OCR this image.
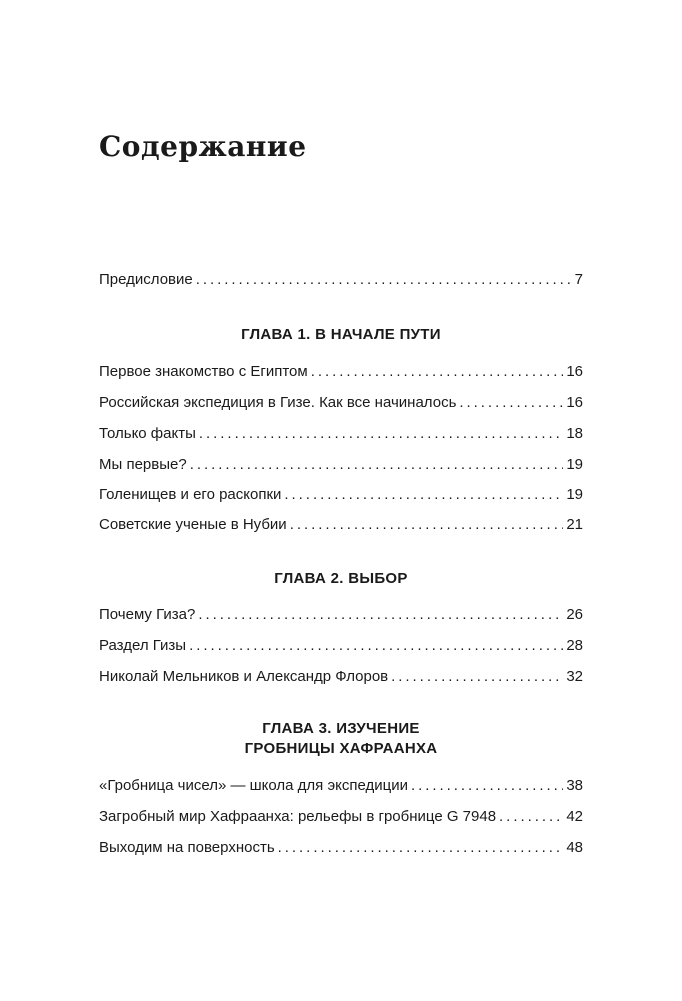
Содержание
Предисловие . . .	7
ГЛАВА 1. В НАЧАЛЕ ПУТИ
Первое знакомство с Египтом . . .	16
Российская экспедиция в Гизе. Как все начиналось . . .	16
Только факты . . .	18
Мы первые? . . .	19
Голенищев и его раскопки . . .	19
Советские ученые в Нубии . . .	21
ГЛАВА 2. ВЫБОР
Почему Гиза? . . .	26
Раздел Гизы . . .	28
Николай Мельников и Александр Флоров . . .	32
ГЛАВА 3. ИЗУЧЕНИЕ
ГРОБНИЦЫ ХАФРААНХА
«Гробница чисел» — школа для экспедиции . . .	38
Загробный мир Хафраанха: рельефы в гробнице G 7948 . . .	42
Выходим на поверхность . . .	48
